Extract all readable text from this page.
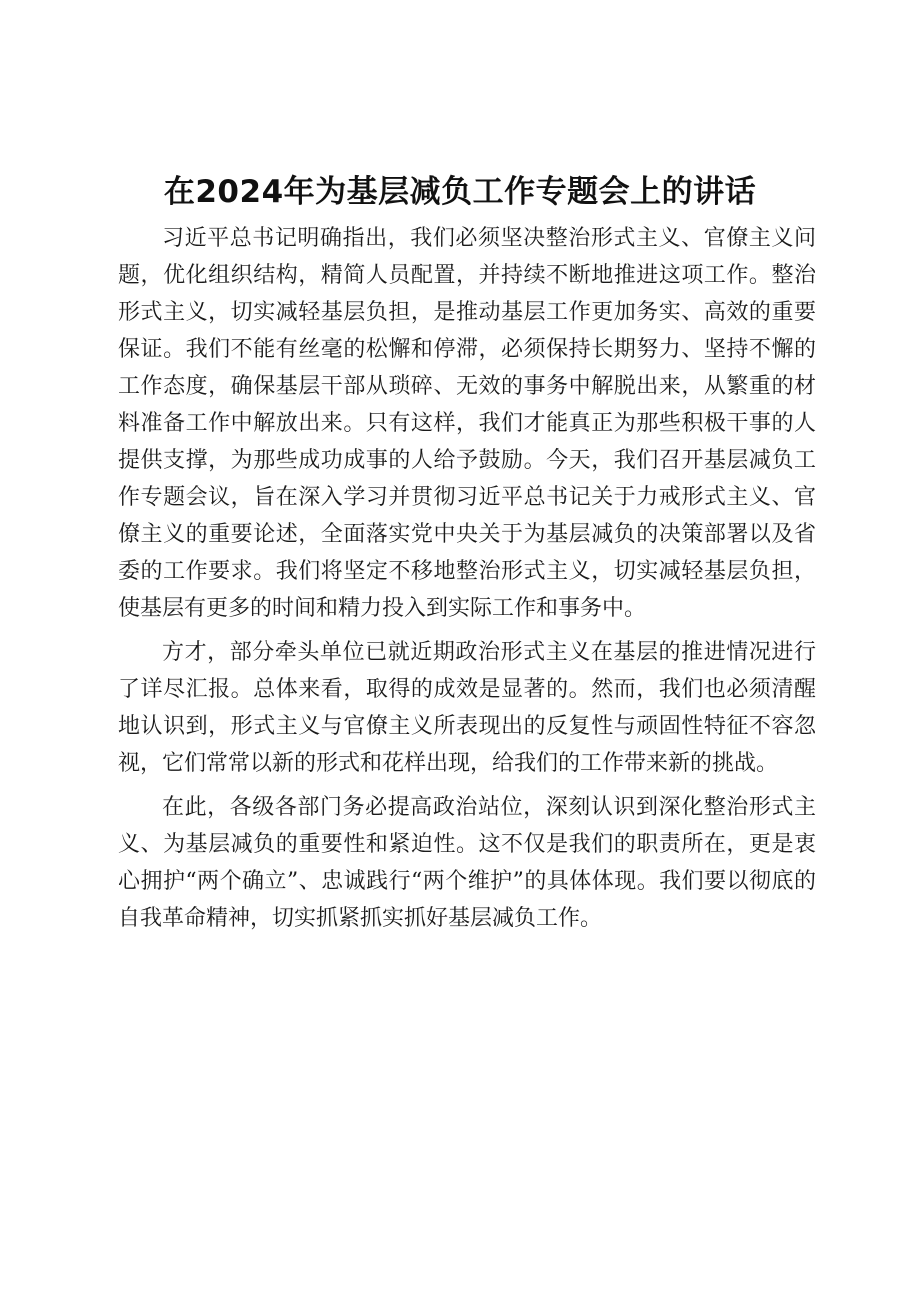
在2024年为基层减负工作专题会上的讲话

习近平总书记明确指出，我们必须坚决整治形式主义、官僚主义问题，优化组织结构，精简人员配置，并持续不断地推进这项工作。整治形式主义，切实减轻基层负担，是推动基层工作更加务实、高效的重要保证。我们不能有丝毫的松懈和停滞，必须保持长期努力、坚持不懈的工作态度，确保基层干部从琐碎、无效的事务中解脱出来，从繁重的材料准备工作中解放出来。只有这样，我们才能真正为那些积极干事的人提供支撑，为那些成功成事的人给予鼓励。今天，我们召开基层减负工作专题会议，旨在深入学习并贯彻习近平总书记关于力戒形式主义、官僚主义的重要论述，全面落实党中央关于为基层减负的决策部署以及省委的工作要求。我们将坚定不移地整治形式主义，切实减轻基层负担，使基层有更多的时间和精力投入到实际工作和事务中。

方才，部分牵头单位已就近期政治形式主义在基层的推进情况进行了详尽汇报。总体来看，取得的成效是显著的。然而，我们也必须清醒地认识到，形式主义与官僚主义所表现出的反复性与顽固性特征不容忽视，它们常常以新的形式和花样出现，给我们的工作带来新的挑战。

在此，各级各部门务必提高政治站位，深刻认识到深化整治形式主义、为基层减负的重要性和紧迫性。这不仅是我们的职责所在，更是衷心拥护“两个确立”、忠诚践行“两个维护”的具体体现。我们要以彻底的自我革命精神，切实抓紧抓实抓好基层减负工作。
